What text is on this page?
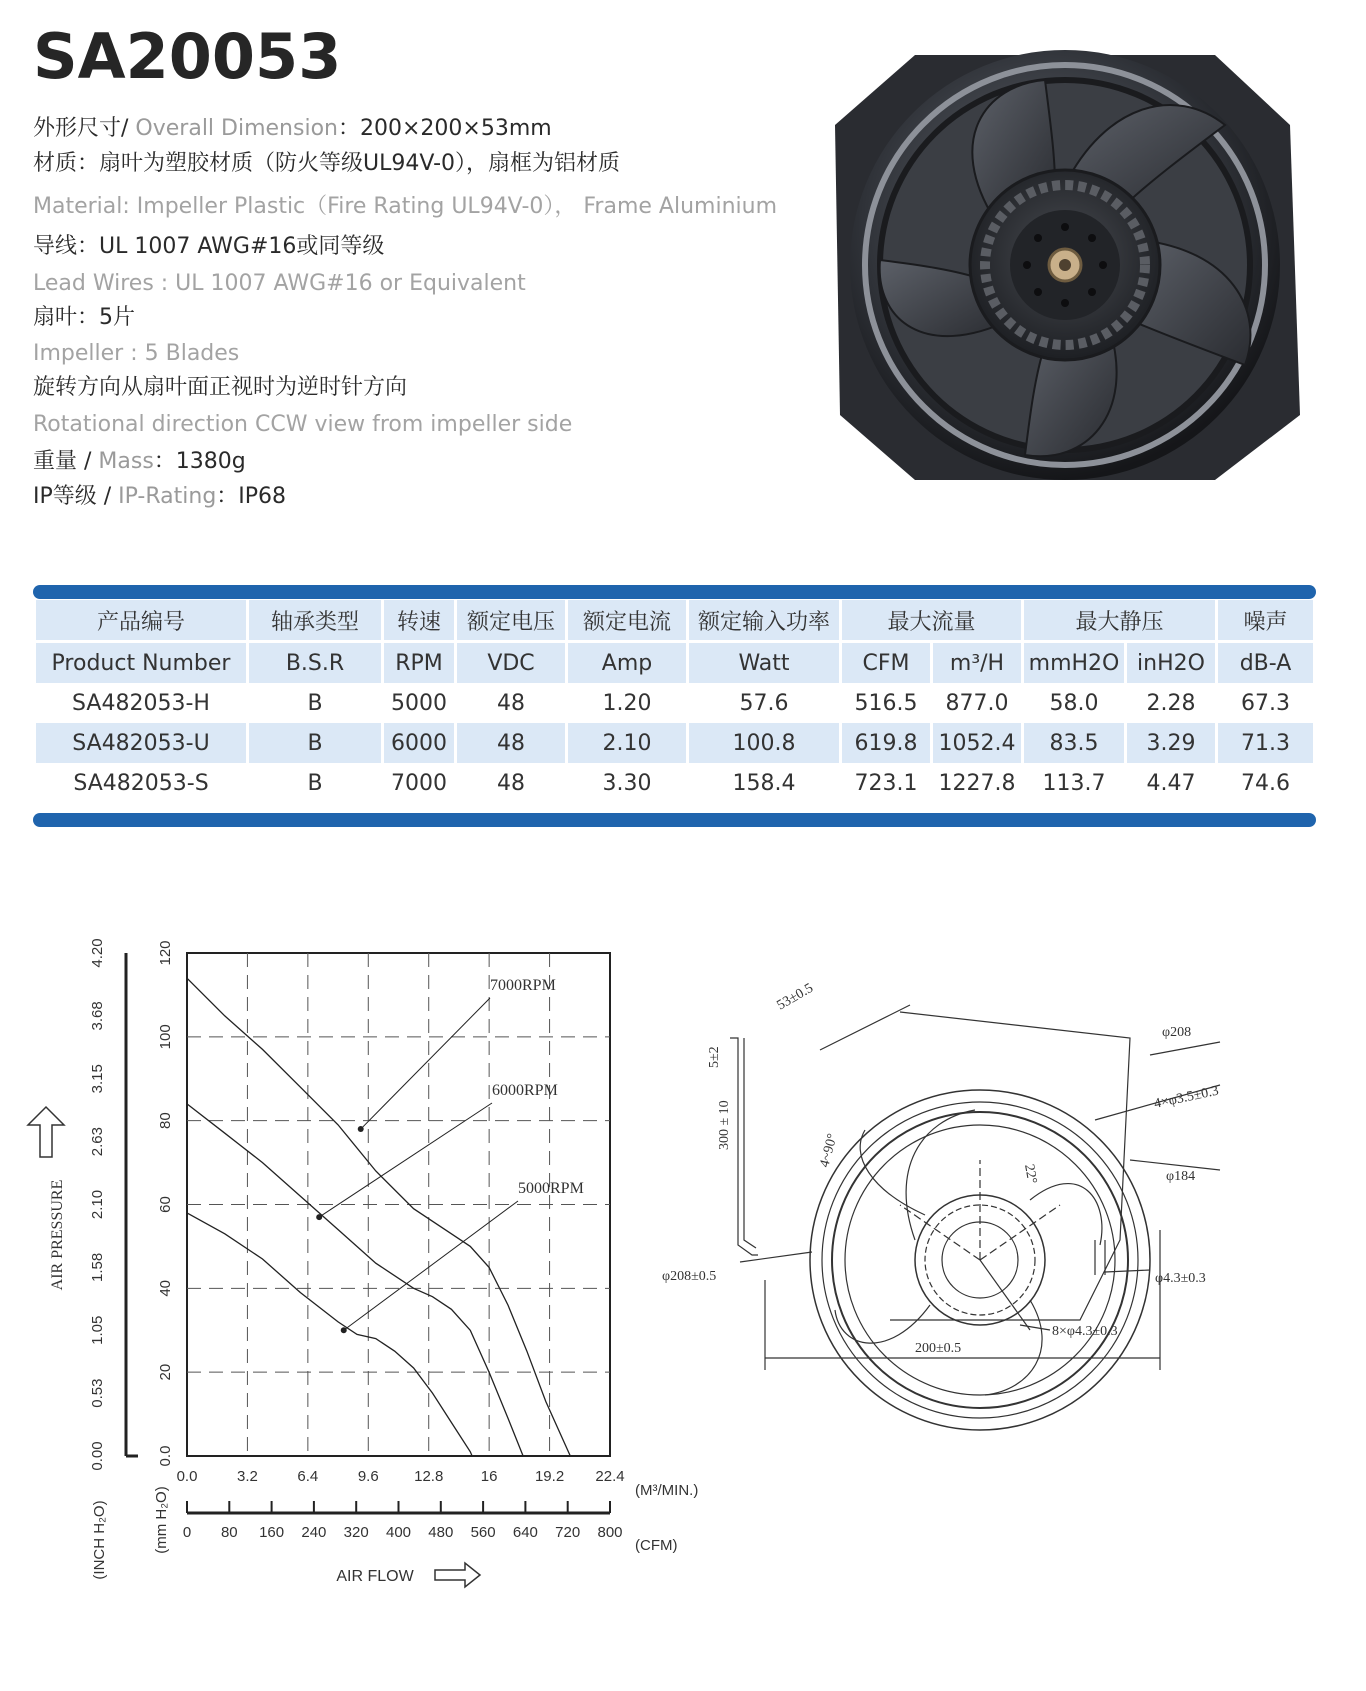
SA20053
外形尺寸/ Overall Dimension：200×200×53mm
材质：扇叶为塑胶材质（防火等级UL94V-0），扇框为铝材质
Material: Impeller Plastic（Fire Rating UL94V-0）， Frame Aluminium
导线：UL 1007 AWG#16或同等级
Lead Wires : UL 1007 AWG#16 or Equivalent
扇叶：5片
Impeller : 5 Blades
旋转方向从扇叶面正视时为逆时针方向
Rotational direction CCW view from impeller side
重量 / Mass：1380g
IP等级 / IP-Rating：IP68
产品编号	轴承类型	转速	额定电压	额定电流	额定输入功率	最大流量		最大静压		噪声
Product Number	B.S.R	RPM	VDC	Amp	Watt	CFM	m³/H	mmH2O	inH2O	dB-A
SA482053-H	B	5000	48	1.20	57.6	516.5	877.0	58.0	2.28	67.3
SA482053-U	B	6000	48	2.10	100.8	619.8	1052.4	83.5	3.29	71.3
SA482053-S	B	7000	48	3.30	158.4	723.1	1227.8	113.7	4.47	74.6
0.0	3.2	6.4	9.6 12.8 16 19.2 22.4
0.0
20
40
60
80
100
120
0.00
0.53
1.05
1.58
2.10
2.63
3.15
3.68
4.20
0 80 160 240 320 400 480 560 640 720 800
(M³/MIN.)
(CFM)
(INCH H₂O)	(mm H₂O)
AIR FLOW
AIR PRESSURE
7000RPM
6000RPM
5000RPM
53±0.5
5±2
300 ± 10
φ208
4×φ3.5±0.3
4~90°
22°	φ184
φ208±0.5	φ4.3±0.3
8×φ4.3±0.3
200±0.5
